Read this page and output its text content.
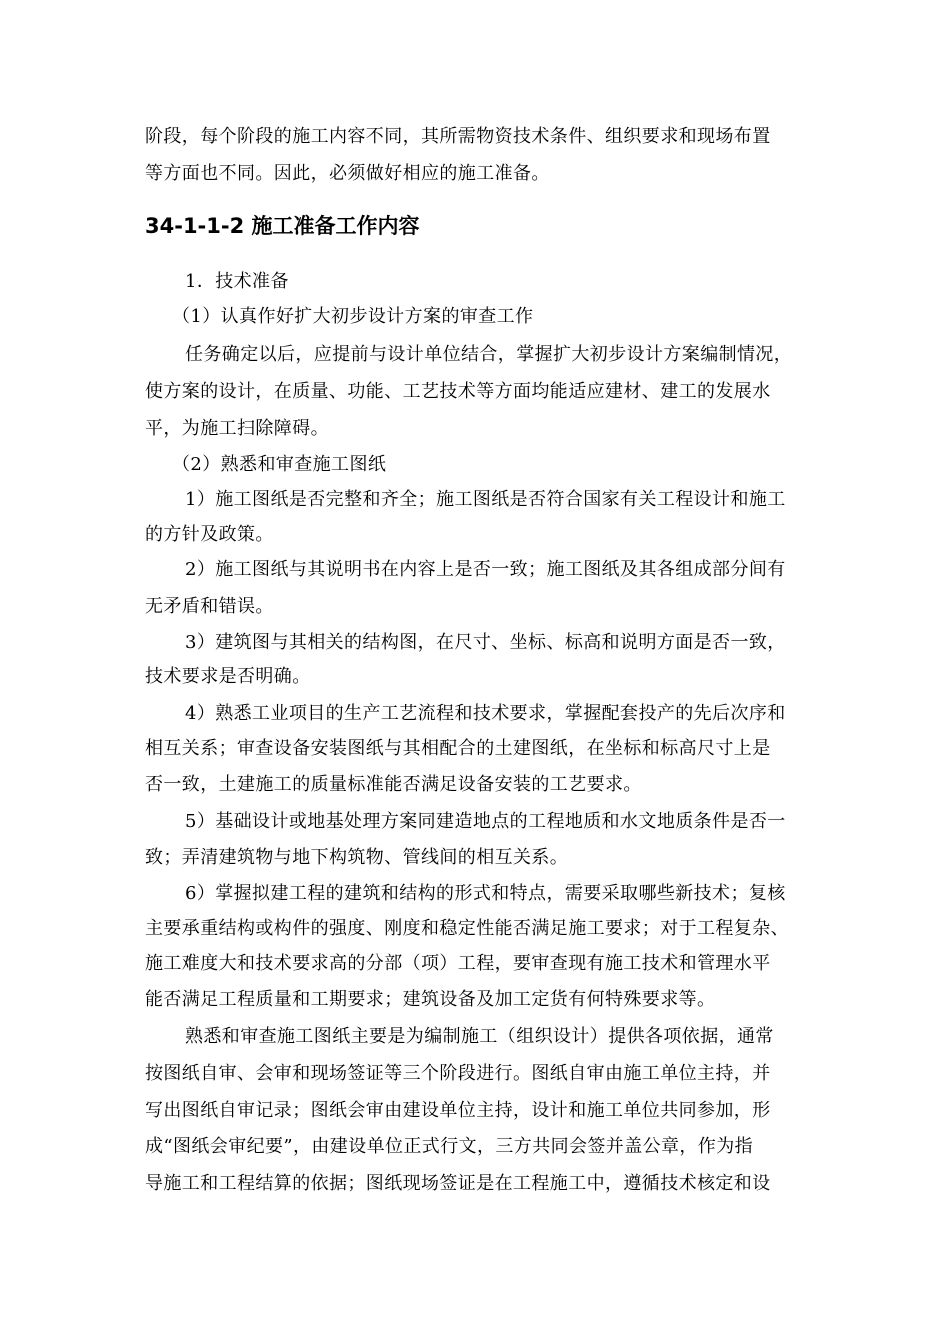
阶段，每个阶段的施工内容不同，其所需物资技术条件、组织要求和现场布置
等方面也不同。因此，必须做好相应的施工准备。
34-1-1-2 施工准备工作内容
1．技术准备
（1）认真作好扩大初步设计方案的审查工作
任务确定以后，应提前与设计单位结合，掌握扩大初步设计方案编制情况，
使方案的设计，在质量、功能、工艺技术等方面均能适应建材、建工的发展水
平，为施工扫除障碍。
（2）熟悉和审查施工图纸
1）施工图纸是否完整和齐全；施工图纸是否符合国家有关工程设计和施工
的方针及政策。
2）施工图纸与其说明书在内容上是否一致；施工图纸及其各组成部分间有
无矛盾和错误。
3）建筑图与其相关的结构图，在尺寸、坐标、标高和说明方面是否一致，
技术要求是否明确。
4）熟悉工业项目的生产工艺流程和技术要求，掌握配套投产的先后次序和
相互关系；审查设备安装图纸与其相配合的土建图纸，在坐标和标高尺寸上是
否一致，土建施工的质量标准能否满足设备安装的工艺要求。
5）基础设计或地基处理方案同建造地点的工程地质和水文地质条件是否一
致；弄清建筑物与地下构筑物、管线间的相互关系。
6）掌握拟建工程的建筑和结构的形式和特点，需要采取哪些新技术；复核
主要承重结构或构件的强度、刚度和稳定性能否满足施工要求；对于工程复杂、
施工难度大和技术要求高的分部（项）工程，要审查现有施工技术和管理水平
能否满足工程质量和工期要求；建筑设备及加工定货有何特殊要求等。
熟悉和审查施工图纸主要是为编制施工（组织设计）提供各项依据，通常
按图纸自审、会审和现场签证等三个阶段进行。图纸自审由施工单位主持，并
写出图纸自审记录；图纸会审由建设单位主持，设计和施工单位共同参加，形
成“图纸会审纪要”，由建设单位正式行文，三方共同会签并盖公章，作为指
导施工和工程结算的依据；图纸现场签证是在工程施工中，遵循技术核定和设
